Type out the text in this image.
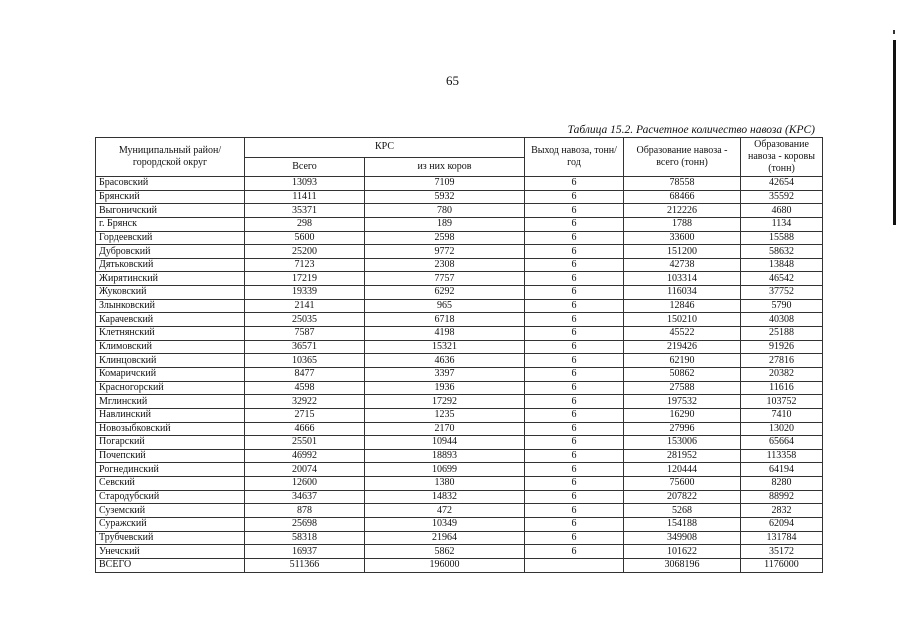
65
Таблица 15.2. Расчетное количество навоза (КРС)
Муниципальный район/горордской округ	КРС		Выход навоза, тонн/год	Образование навоза - всего (тонн)	Образование навоза - коровы (тонн)
	Всего	из них коров			
Брасовский	13093	7109	6	78558	42654
Брянский	11411	5932	6	68466	35592
Выгоничский	35371	780	6	212226	4680
г. Брянск	298	189	6	1788	1134
Гордеевский	5600	2598	6	33600	15588
Дубровский	25200	9772	6	151200	58632
Дятьковский	7123	2308	6	42738	13848
Жирятинский	17219	7757	6	103314	46542
Жуковский	19339	6292	6	116034	37752
Злынковский	2141	965	6	12846	5790
Карачевский	25035	6718	6	150210	40308
Клетнянский	7587	4198	6	45522	25188
Климовский	36571	15321	6	219426	91926
Клинцовский	10365	4636	6	62190	27816
Комаричский	8477	3397	6	50862	20382
Красногорский	4598	1936	6	27588	11616
Мглинский	32922	17292	6	197532	103752
Навлинский	2715	1235	6	16290	7410
Новозыбковский	4666	2170	6	27996	13020
Погарский	25501	10944	6	153006	65664
Почепский	46992	18893	6	281952	113358
Рогнединский	20074	10699	6	120444	64194
Севский	12600	1380	6	75600	8280
Стародубский	34637	14832	6	207822	88992
Суземский	878	472	6	5268	2832
Суражский	25698	10349	6	154188	62094
Трубчевский	58318	21964	6	349908	131784
Унечский	16937	5862	6	101622	35172
ВСЕГО	511366	196000		3068196	1176000
